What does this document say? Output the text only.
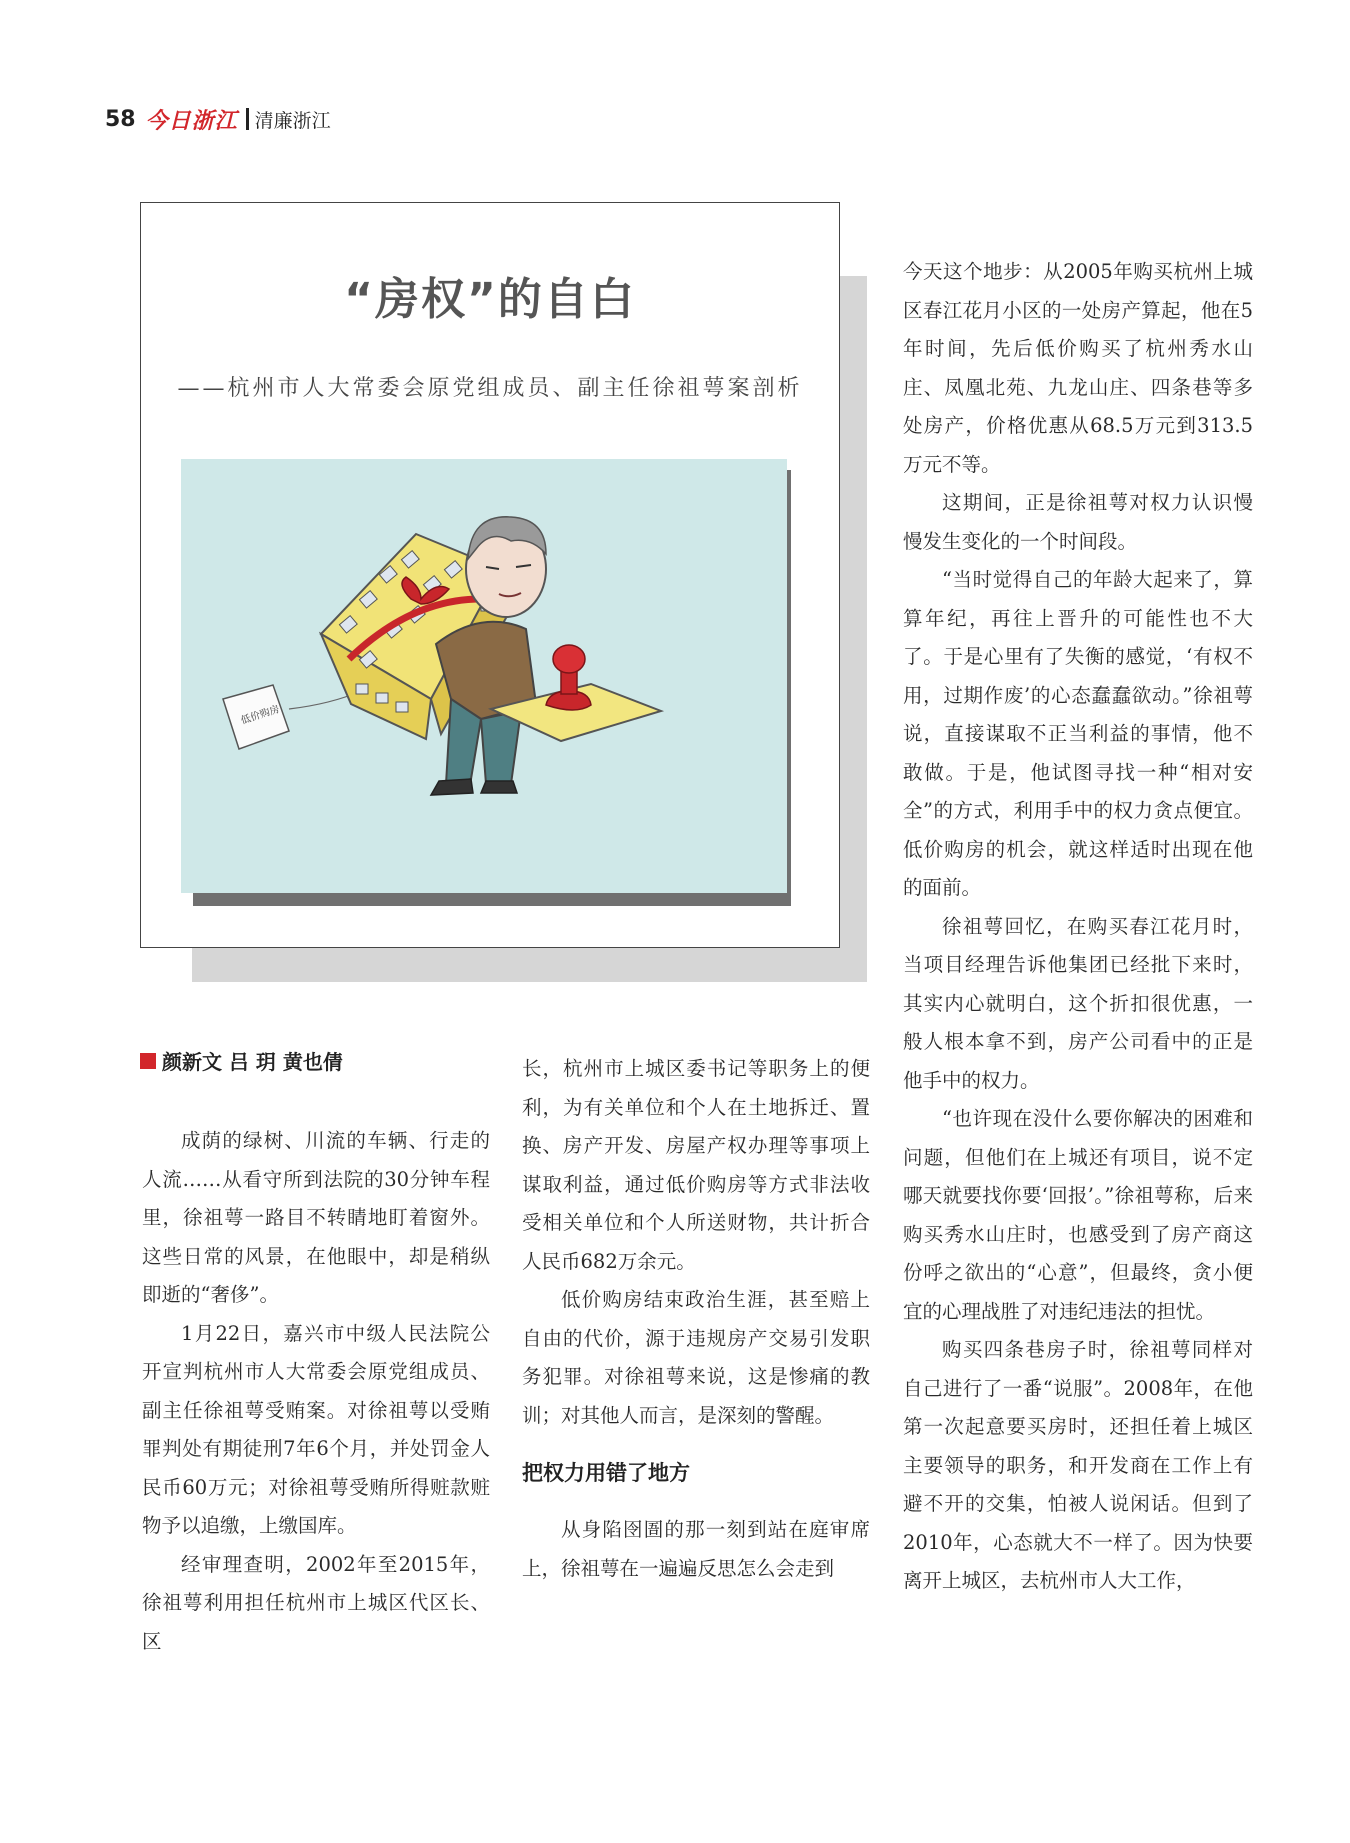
58 今日浙江 清廉浙江
“房权”的自白
——杭州市人大常委会原党组成员、副主任徐祖萼案剖析
低价购房
颜新文 吕 玥 黄也倩

成荫的绿树、川流的车辆、行走的人流……从看守所到法院的30分钟车程里，徐祖萼一路目不转睛地盯着窗外。这些日常的风景，在他眼中，却是稍纵即逝的“奢侈”。

1月22日，嘉兴市中级人民法院公开宣判杭州市人大常委会原党组成员、副主任徐祖萼受贿案。对徐祖萼以受贿罪判处有期徒刑7年6个月，并处罚金人民币60万元；对徐祖萼受贿所得赃款赃物予以追缴，上缴国库。

经审理查明，2002年至2015年，徐祖萼利用担任杭州市上城区代区长、区

长，杭州市上城区委书记等职务上的便利，为有关单位和个人在土地拆迁、置换、房产开发、房屋产权办理等事项上谋取利益，通过低价购房等方式非法收受相关单位和个人所送财物，共计折合人民币682万余元。

低价购房结束政治生涯，甚至赔上自由的代价，源于违规房产交易引发职务犯罪。对徐祖萼来说，这是惨痛的教训；对其他人而言，是深刻的警醒。

把权力用错了地方

从身陷囹圄的那一刻到站在庭审席上，徐祖萼在一遍遍反思怎么会走到

今天这个地步：从2005年购买杭州上城区春江花月小区的一处房产算起，他在5年时间，先后低价购买了杭州秀水山庄、凤凰北苑、九龙山庄、四条巷等多处房产，价格优惠从68.5万元到313.5万元不等。

这期间，正是徐祖萼对权力认识慢慢发生变化的一个时间段。

“当时觉得自己的年龄大起来了，算算年纪，再往上晋升的可能性也不大了。于是心里有了失衡的感觉，‘有权不用，过期作废’的心态蠢蠢欲动。”徐祖萼说，直接谋取不正当利益的事情，他不敢做。于是，他试图寻找一种“相对安全”的方式，利用手中的权力贪点便宜。低价购房的机会，就这样适时出现在他的面前。

徐祖萼回忆，在购买春江花月时，当项目经理告诉他集团已经批下来时，其实内心就明白，这个折扣很优惠，一般人根本拿不到，房产公司看中的正是他手中的权力。

“也许现在没什么要你解决的困难和问题，但他们在上城还有项目，说不定哪天就要找你要‘回报’。”徐祖萼称，后来购买秀水山庄时，也感受到了房产商这份呼之欲出的“心意”，但最终，贪小便宜的心理战胜了对违纪违法的担忧。

购买四条巷房子时，徐祖萼同样对自己进行了一番“说服”。2008年，在他第一次起意要买房时，还担任着上城区主要领导的职务，和开发商在工作上有避不开的交集，怕被人说闲话。但到了2010年，心态就大不一样了。因为快要离开上城区，去杭州市人大工作，
